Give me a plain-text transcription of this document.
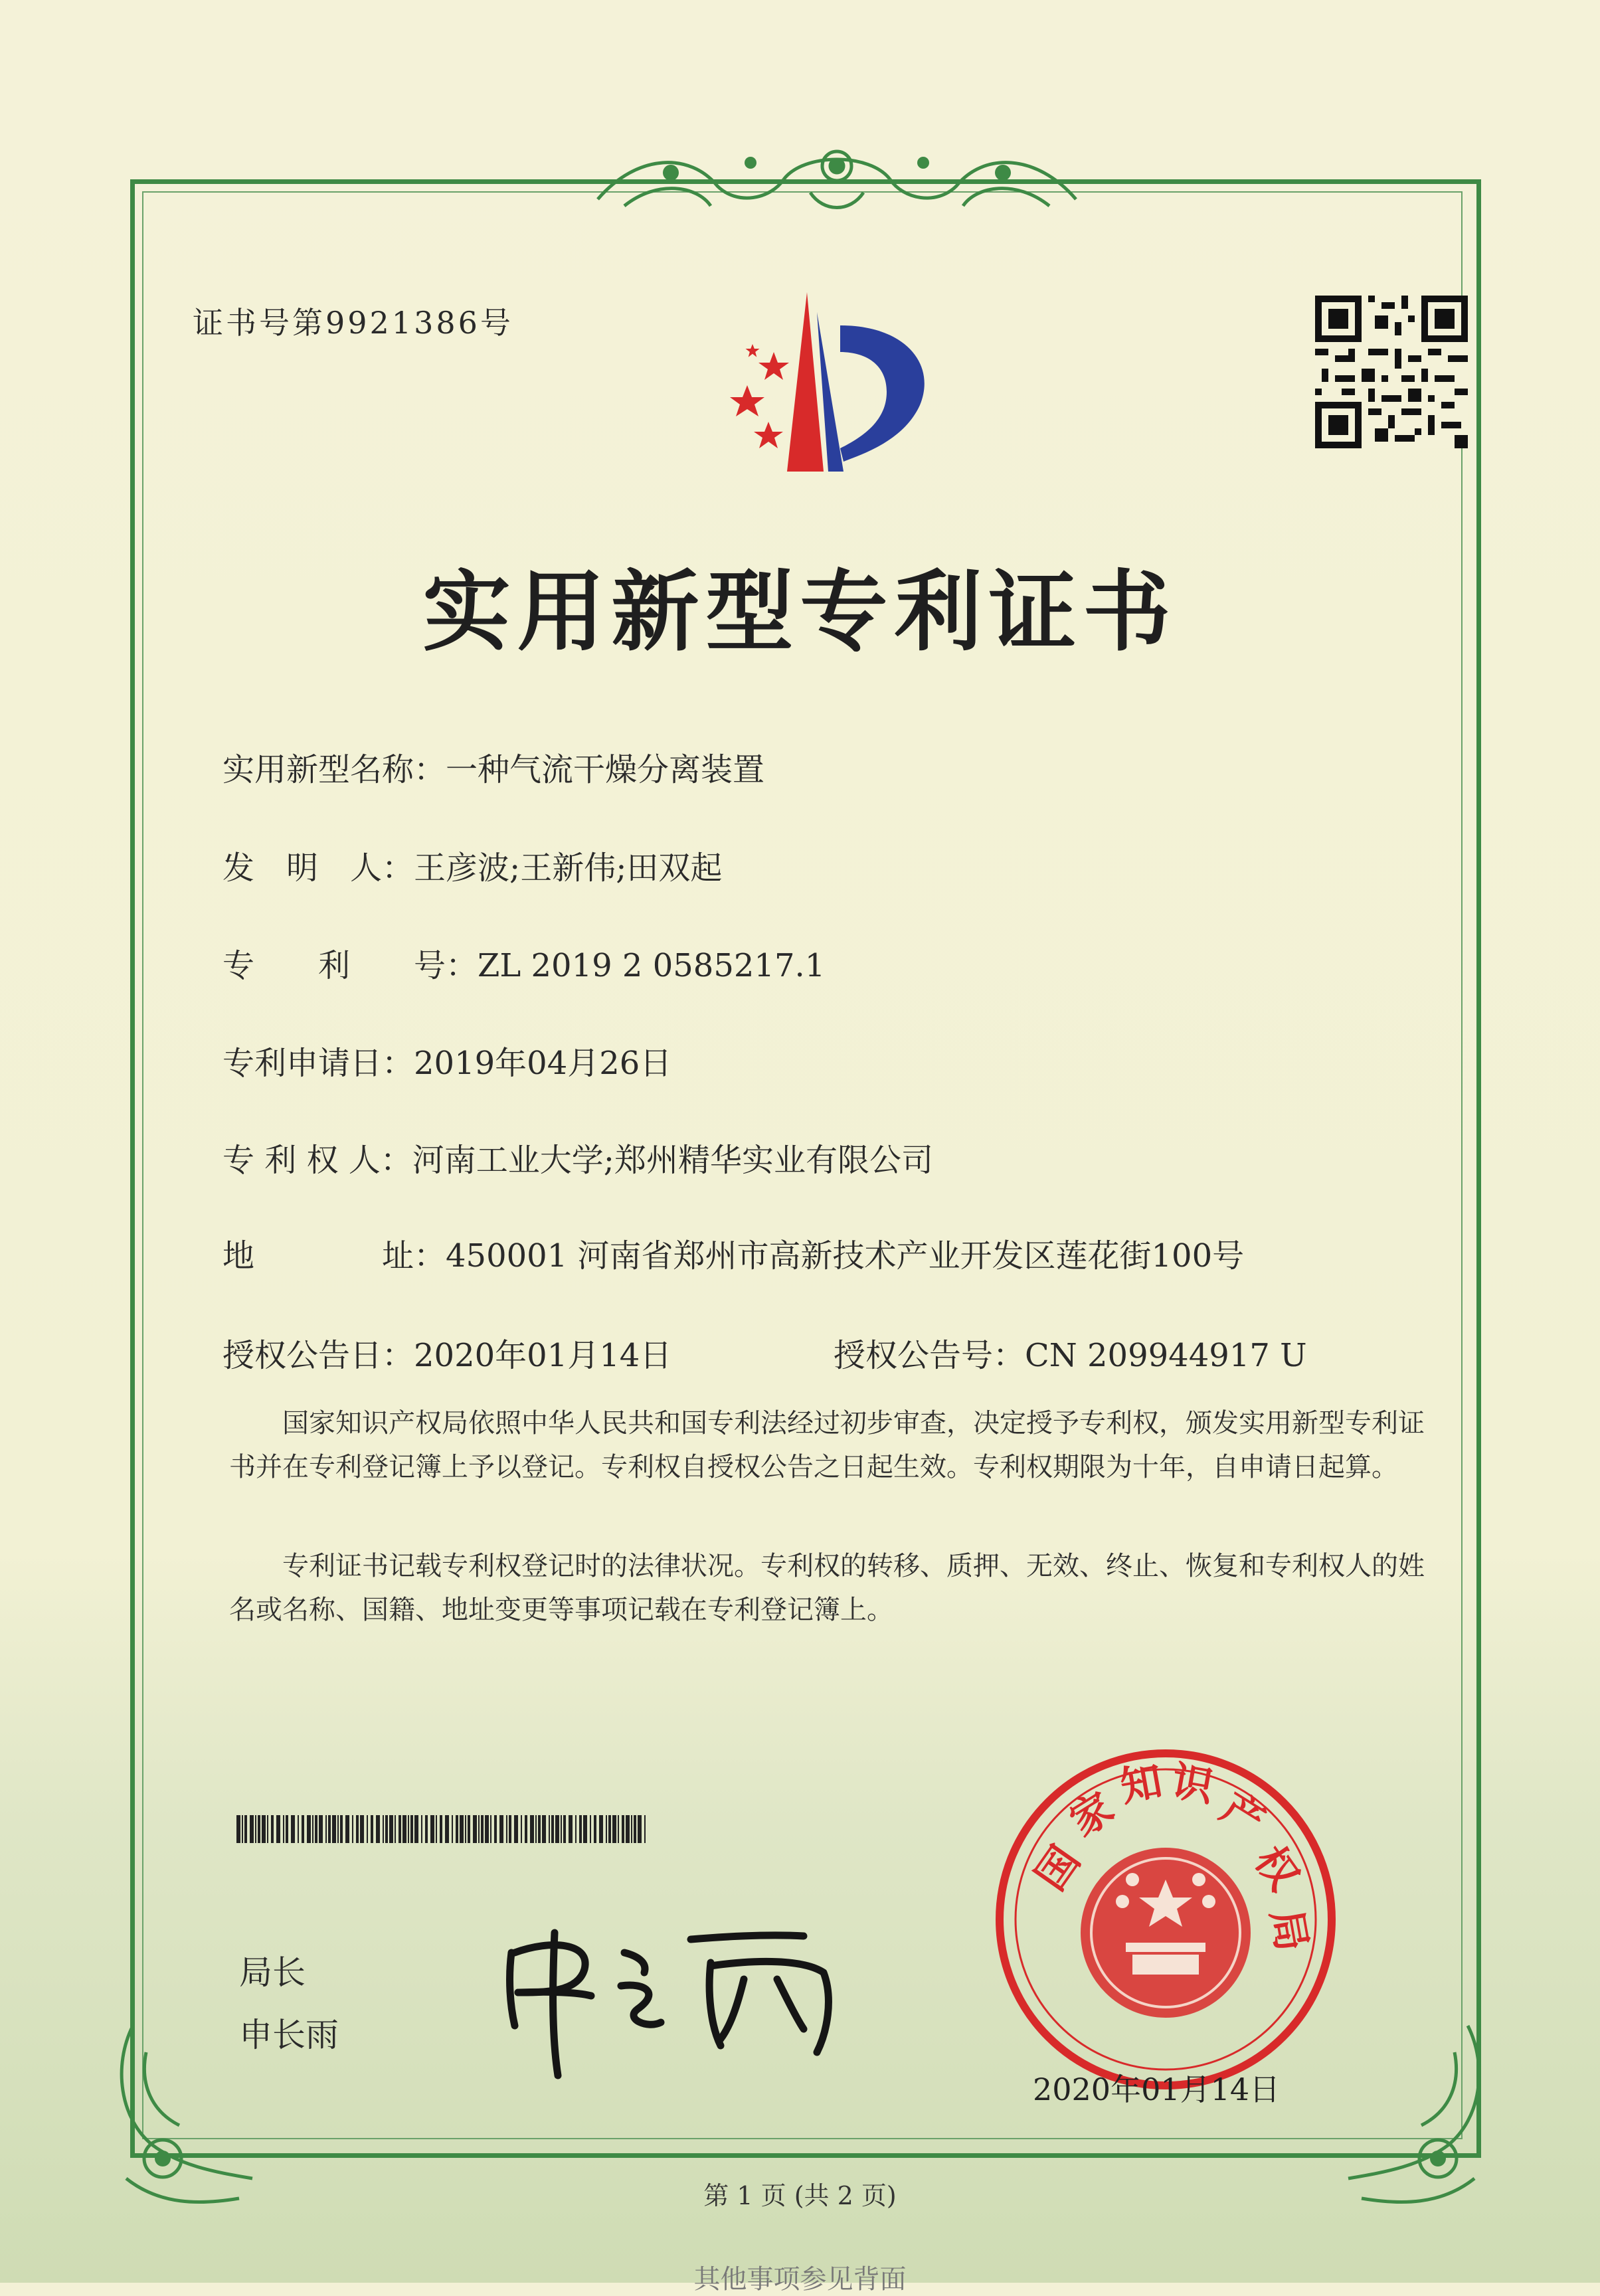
证书号第9921386号
实用新型专利证书
实用新型名称：一种气流干燥分离装置
发　明　人：王彦波;王新伟;田双起
专　　利　　号：ZL 2019 2 0585217.1
专利申请日：2019年04月26日
专 利 权 人：河南工业大学;郑州精华实业有限公司
地　　　　址：450001 河南省郑州市高新技术产业开发区莲花街100号
授权公告日：2020年01月14日	授权公告号：CN 209944917 U
国家知识产权局依照中华人民共和国专利法经过初步审查，决定授予专利权，颁发实用新型专利证书并在专利登记簿上予以登记。专利权自授权公告之日起生效。专利权期限为十年，自申请日起算。
专利证书记载专利权登记时的法律状况。专利权的转移、质押、无效、终止、恢复和专利权人的姓名或名称、国籍、地址变更等事项记载在专利登记簿上。
局长
申长雨
国
家
知 识
产
权
局
2020年01月14日
第 1 页 (共 2 页)
其他事项参见背面
